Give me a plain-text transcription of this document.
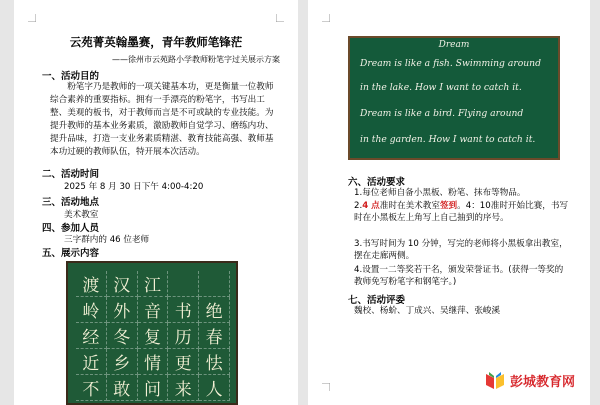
云苑菁英翰墨赛，青年教师笔锋茫
——徐州市云苑路小学教师粉笔字过关展示方案
一、活动目的
粉笔字乃是教师的一项关键基本功，更是衡量一位教师综合素养的重要指标。拥有一手漂亮的粉笔字，书写出工整、美观的板书，对于教师而言是不可或缺的专业技能。为提升教师的基本业务素质，激励教师自觉学习、磨练内功、提升品味，打造一支业务素质精湛、教育技能高强、教师基本功过硬的教师队伍，特开展本次活动。
二、活动时间
2025 年 8 月 30 日下午 4:00-4:20
三、活动地点
美术教室
四、参加人员
三字群内的 46 位老师
五、展示内容
渡 汉 江
岭 外 音 书 绝
经 冬 复 历 春
近 乡 情 更 怯
不 敢 问 来 人
Dream
Dream is like a fish. Swimming around
in the lake. How I want to catch it.
Dream is like a bird. Flying around
in the garden. How I want to catch it.
六、活动要求
1.每位老师自备小黑板、粉笔、抹布等物品。
2.4 点准时在美术教室签到。4：10准时开始比赛，书写时在小黑板左上角写上自己抽到的序号。
3.书写时间为 10 分钟，写完的老师将小黑板拿出教室，摆在走廊两侧。
4.设置一二等奖若干名，颁发荣誉证书。(获得一等奖的教师免写粉笔字和钢笔字。)
七、活动评委
魏校、杨蚧、丁成兴、吴继萍、张峻溪
彭城教育网
